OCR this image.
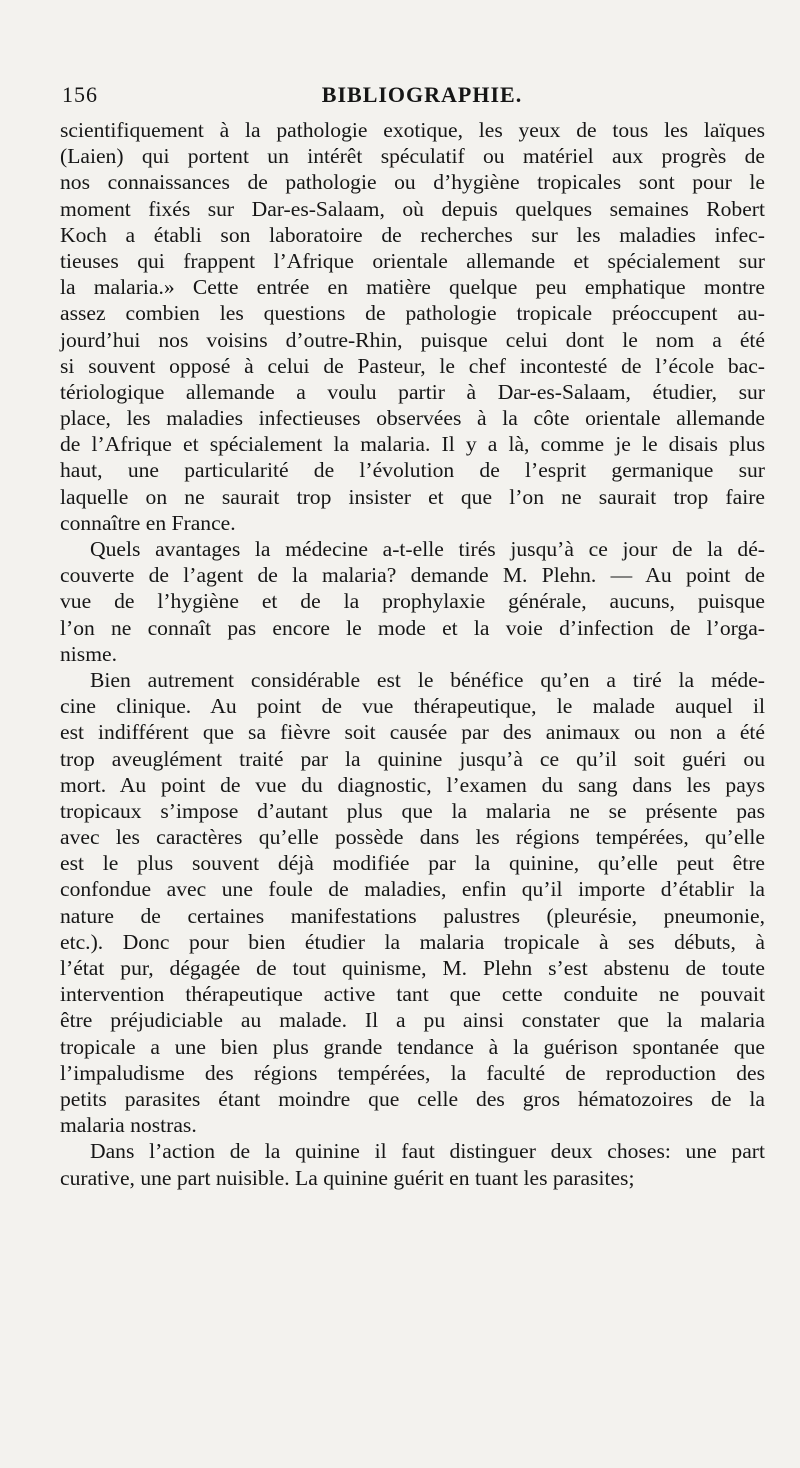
156	BIBLIOGRAPHIE.
scientifiquement à la pathologie exotique, les yeux de tous les laïques
(Laien) qui portent un intérêt spéculatif ou matériel aux progrès de
nos connaissances de pathologie ou d’hygiène tropicales sont pour le
moment fixés sur Dar-es-Salaam, où depuis quelques semaines Robert
Koch a établi son laboratoire de recherches sur les maladies infec-
tieuses qui frappent l’Afrique orientale allemande et spécialement sur
la malaria.» Cette entrée en matière quelque peu emphatique montre
assez combien les questions de pathologie tropicale préoccupent au-
jourd’hui nos voisins d’outre-Rhin, puisque celui dont le nom a été
si souvent opposé à celui de Pasteur, le chef incontesté de l’école bac-
tériologique allemande a voulu partir à Dar-es-Salaam, étudier, sur
place, les maladies infectieuses observées à la côte orientale allemande
de l’Afrique et spécialement la malaria. Il y a là, comme je le disais plus
haut, une particularité de l’évolution de l’esprit germanique sur
laquelle on ne saurait trop insister et que l’on ne saurait trop faire
connaître en France.
Quels avantages la médecine a-t-elle tirés jusqu’à ce jour de la dé-
couverte de l’agent de la malaria? demande M. Plehn. — Au point de
vue de l’hygiène et de la prophylaxie générale, aucuns, puisque
l’on ne connaît pas encore le mode et la voie d’infection de l’orga-
nisme.
Bien autrement considérable est le bénéfice qu’en a tiré la méde-
cine clinique. Au point de vue thérapeutique, le malade auquel il
est indifférent que sa fièvre soit causée par des animaux ou non a été
trop aveuglément traité par la quinine jusqu’à ce qu’il soit guéri ou
mort. Au point de vue du diagnostic, l’examen du sang dans les pays
tropicaux s’impose d’autant plus que la malaria ne se présente pas
avec les caractères qu’elle possède dans les régions tempérées, qu’elle
est le plus souvent déjà modifiée par la quinine, qu’elle peut être
confondue avec une foule de maladies, enfin qu’il importe d’établir la
nature de certaines manifestations palustres (pleurésie, pneumonie,
etc.). Donc pour bien étudier la malaria tropicale à ses débuts, à
l’état pur, dégagée de tout quinisme, M. Plehn s’est abstenu de toute
intervention thérapeutique active tant que cette conduite ne pouvait
être préjudiciable au malade. Il a pu ainsi constater que la malaria
tropicale a une bien plus grande tendance à la guérison spontanée que
l’impaludisme des régions tempérées, la faculté de reproduction des
petits parasites étant moindre que celle des gros hématozoires de la
malaria nostras.
Dans l’action de la quinine il faut distinguer deux choses: une part
curative, une part nuisible. La quinine guérit en tuant les parasites;
